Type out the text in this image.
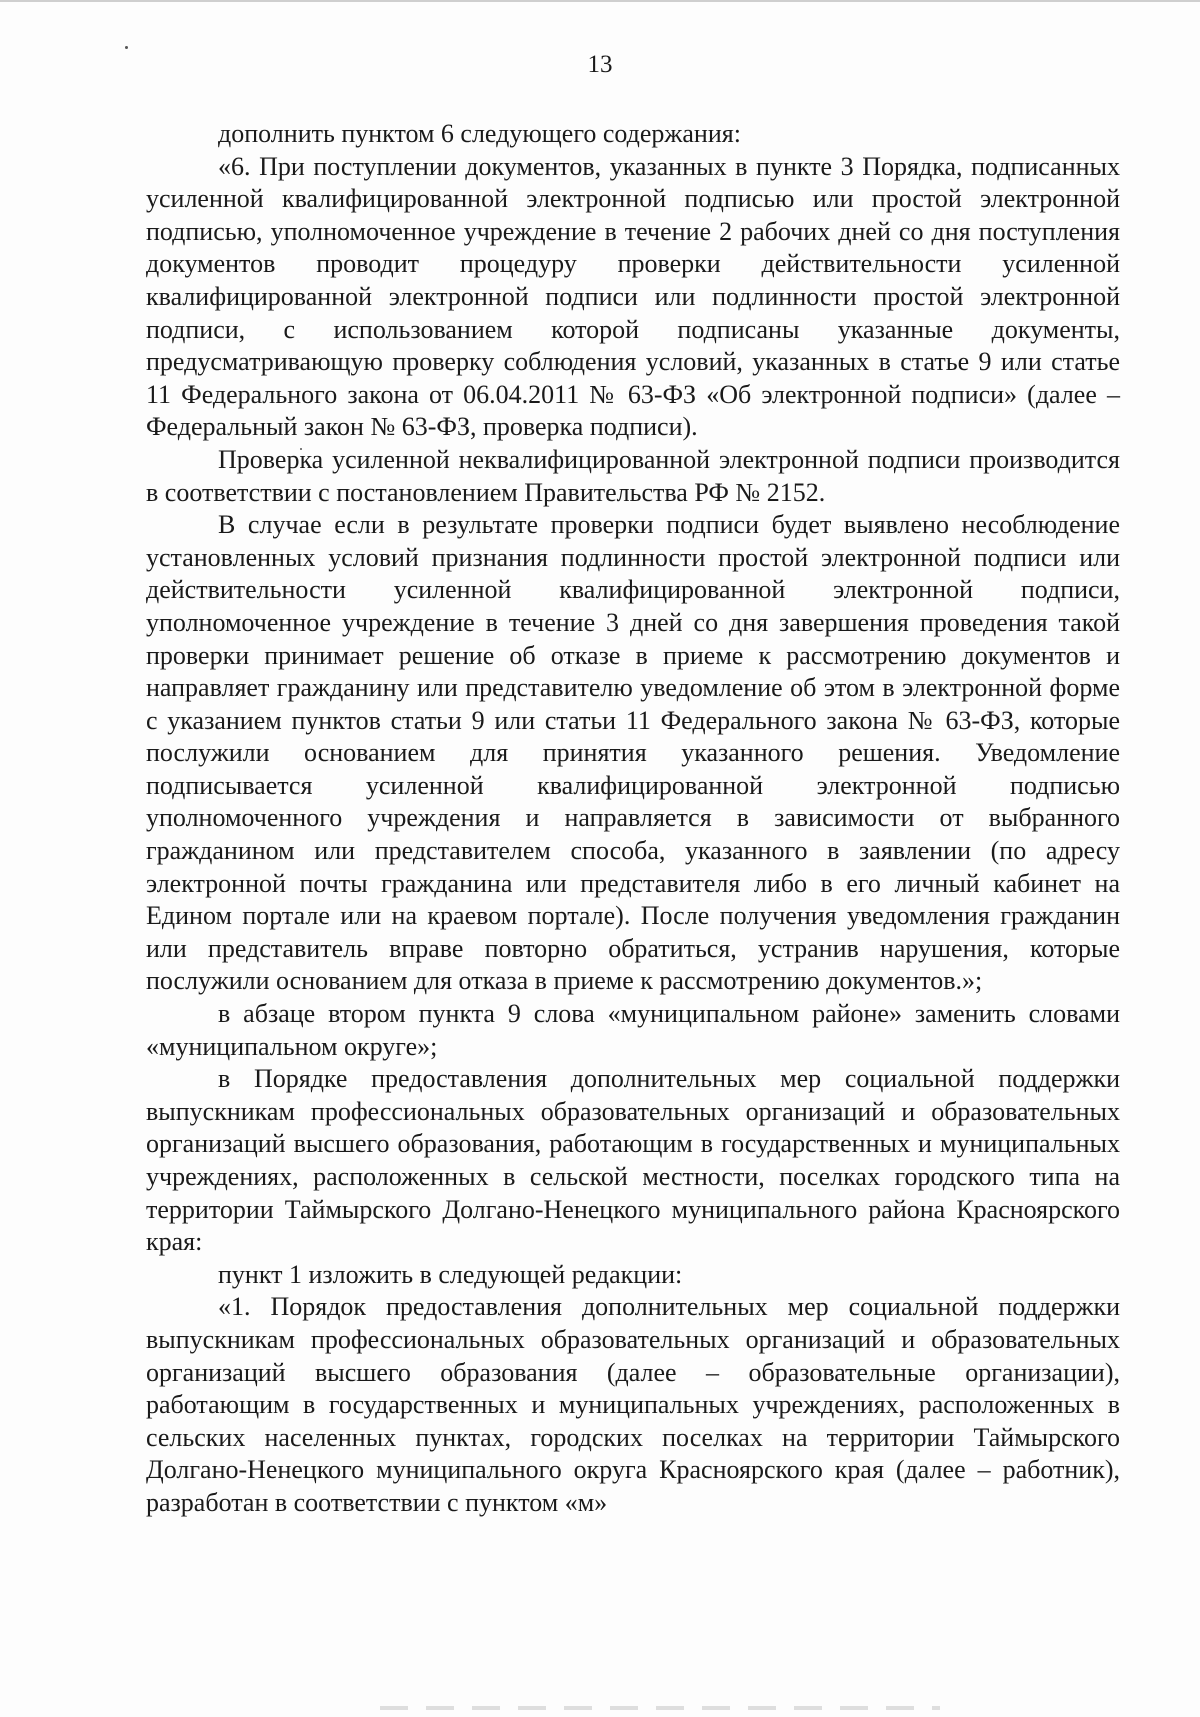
13

дополнить пунктом 6 следующего содержания:

«6. При поступлении документов, указанных в пункте 3 Порядка, подписанных усиленной квалифицированной электронной подписью или простой электронной подписью, уполномоченное учреждение в течение 2 рабочих дней со дня поступления документов проводит процедуру проверки действительности усиленной квалифицированной электронной подписи или подлинности простой электронной подписи, с использованием которой подписаны указанные документы, предусматривающую проверку соблюдения условий, указанных в статье 9 или статье 11 Федерального закона от 06.04.2011 № 63-ФЗ «Об электронной подписи» (далее – Федеральный закон № 63-ФЗ, проверка подписи).

Проверка усиленной неквалифицированной электронной подписи производится в соответствии с постановлением Правительства РФ № 2152.

В случае если в результате проверки подписи будет выявлено несоблюдение установленных условий признания подлинности простой электронной подписи или действительности усиленной квалифицированной электронной подписи, уполномоченное учреждение в течение 3 дней со дня завершения проведения такой проверки принимает решение об отказе в приеме к рассмотрению документов и направляет гражданину или представителю уведомление об этом в электронной форме с указанием пунктов статьи 9 или статьи 11 Федерального закона № 63-ФЗ, которые послужили основанием для принятия указанного решения. Уведомление подписывается усиленной квалифицированной электронной подписью уполномоченного учреждения и направляется в зависимости от выбранного гражданином или представителем способа, указанного в заявлении (по адресу электронной почты гражданина или представителя либо в его личный кабинет на Едином портале или на краевом портале). После получения уведомления гражданин или представитель вправе повторно обратиться, устранив нарушения, которые послужили основанием для отказа в приеме к рассмотрению документов.»;

в абзаце втором пункта 9 слова «муниципальном районе» заменить словами «муниципальном округе»;

в Порядке предоставления дополнительных мер социальной поддержки выпускникам профессиональных образовательных организаций и образовательных организаций высшего образования, работающим в государственных и муниципальных учреждениях, расположенных в сельской местности, поселках городского типа на территории Таймырского Долгано-Ненецкого муниципального района Красноярского края:

пункт 1 изложить в следующей редакции:

«1. Порядок предоставления дополнительных мер социальной поддержки выпускникам профессиональных образовательных организаций и образовательных организаций высшего образования (далее – образовательные организации), работающим в государственных и муниципальных учреждениях, расположенных в сельских населенных пунктах, городских поселках на территории Таймырского Долгано-Ненецкого муниципального округа Красноярского края (далее – работник), разработан в соответствии с пунктом «м»
